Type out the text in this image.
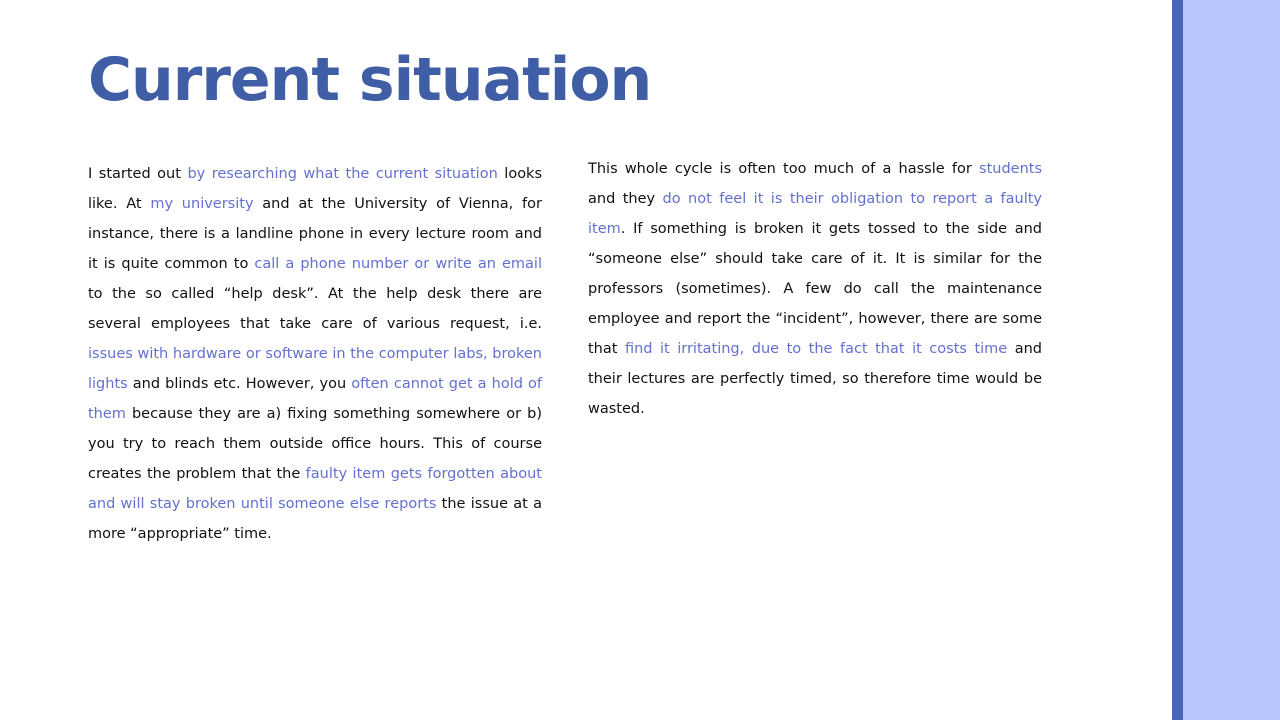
Current situation

I started out by researching what the current situation looks like. At my university and at the University of Vienna, for instance, there is a landline phone in every lecture room and it is quite common to call a phone number or write an email to the so called “help desk”. At the help desk there are several employees that take care of various request, i.e. issues with hardware or software in the computer labs, broken lights and blinds etc. However, you often cannot get a hold of them because they are a) fixing something somewhere or b) you try to reach them outside office hours. This of course creates the problem that the faulty item gets forgotten about and will stay broken until someone else reports the issue at a more “appropriate” time.

This whole cycle is often too much of a hassle for students and they do not feel it is their obligation to report a faulty item. If something is broken it gets tossed to the side and “someone else” should take care of it. It is similar for the professors (sometimes). A few do call the maintenance employee and report the “incident”, however, there are some that find it irritating, due to the fact that it costs time and their lectures are perfectly timed, so therefore time would be wasted.
